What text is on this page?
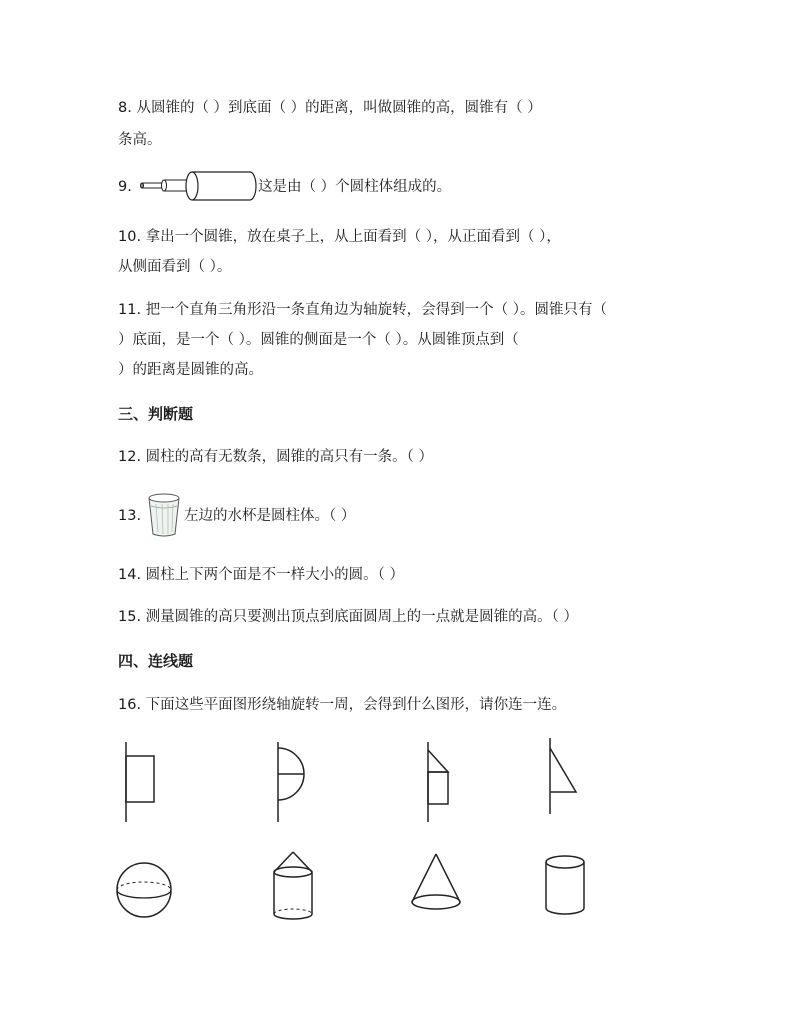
8. 从圆锥的（ ）到底面（ ）的距离，叫做圆锥的高，圆锥有（ ）
条高。
9.	这是由（ ）个圆柱体组成的。
10. 拿出一个圆锥，放在桌子上，从上面看到（ ），从正面看到（ ），
从侧面看到（ ）。
11. 把一个直角三角形沿一条直角边为轴旋转，会得到一个（ ）。圆锥只有（
）底面，是一个（ ）。圆锥的侧面是一个（ ）。从圆锥顶点到（
）的距离是圆锥的高。
三、判断题
12. 圆柱的高有无数条，圆锥的高只有一条。（ ）
13.	左边的水杯是圆柱体。（ ）
14. 圆柱上下两个面是不一样大小的圆。（ ）
15. 测量圆锥的高只要测出顶点到底面圆周上的一点就是圆锥的高。（ ）
四、连线题
16. 下面这些平面图形绕轴旋转一周，会得到什么图形，请你连一连。
